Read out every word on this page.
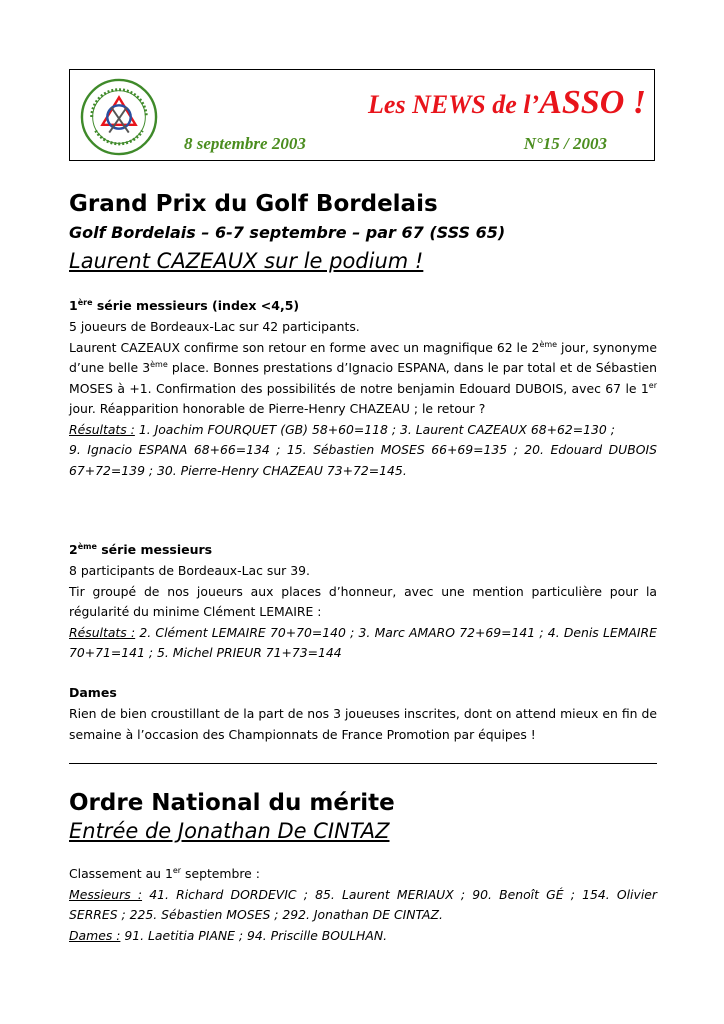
Les NEWS de l’ASSO !
8 septembre 2003	N°15 / 2003
Grand Prix du Golf Bordelais
Golf Bordelais – 6-7 septembre – par 67 (SSS 65)
Laurent CAZEAUX sur le podium !
1ère série messieurs (index <4,5)

5 joueurs de Bordeaux-Lac sur 42 participants.

Laurent CAZEAUX confirme son retour en forme avec un magnifique 62 le 2ème jour, synonyme d’une belle 3ème place. Bonnes prestations d’Ignacio ESPANA, dans le par total et de Sébastien MOSES à +1. Confirmation des possibilités de notre benjamin Edouard DUBOIS, avec 67 le 1er jour. Réapparition honorable de Pierre-Henry CHAZEAU ; le retour ?

Résultats : 1. Joachim FOURQUET (GB) 58+60=118 ; 3. Laurent CAZEAUX 68+62=130 ;

9. Ignacio ESPANA 68+66=134 ; 15. Sébastien MOSES 66+69=135 ; 20. Edouard DUBOIS 67+72=139 ; 30. Pierre-Henry CHAZEAU 73+72=145.

2ème série messieurs

8 participants de Bordeaux-Lac sur 39.

Tir groupé de nos joueurs aux places d’honneur, avec une mention particulière pour la régularité du minime Clément LEMAIRE :

Résultats : 2. Clément LEMAIRE 70+70=140 ; 3. Marc AMARO 72+69=141 ; 4. Denis LEMAIRE 70+71=141 ; 5. Michel PRIEUR 71+73=144

Dames

Rien de bien croustillant de la part de nos 3 joueuses inscrites, dont on attend mieux en fin de semaine à l’occasion des Championnats de France Promotion par équipes !

Ordre National du mérite
Entrée de Jonathan De CINTAZ

Classement au 1er septembre :

Messieurs : 41. Richard DORDEVIC ; 85. Laurent MERIAUX ; 90. Benoît GÉ ; 154. Olivier SERRES ; 225. Sébastien MOSES ; 292. Jonathan DE CINTAZ.

Dames : 91. Laetitia PIANE ; 94. Priscille BOULHAN.
